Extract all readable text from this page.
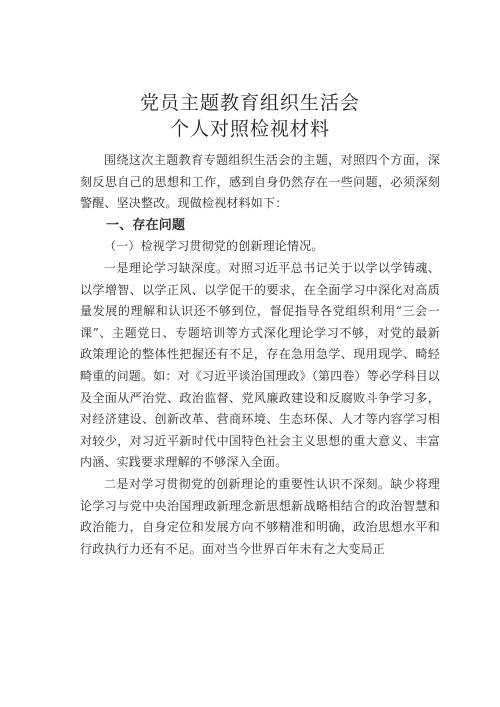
党员主题教育组织生活会
个人对照检视材料

围绕这次主题教育专题组织生活会的主题，对照四个方面，深刻反思自己的思想和工作，感到自身仍然存在一些问题，必须深刻警醒、坚决整改。现做检视材料如下：

一、存在问题

（一）检视学习贯彻党的创新理论情况。

一是理论学习缺深度。对照习近平总书记关于以学以学铸魂、以学增智、以学正风、以学促干的要求，在全面学习中深化对高质量发展的理解和认识还不够到位，督促指导各党组织利用“三会一课”、主题党日、专题培训等方式深化理论学习不够，对党的最新政策理论的整体性把握还有不足，存在急用急学、现用现学、畸轻畸重的问题。如：对《习近平谈治国理政》（第四卷）等必学科目以及全面从严治党、政治监督、党风廉政建设和反腐败斗争学习多，对经济建设、创新改革、营商环境、生态环保、人才等内容学习相对较少，对习近平新时代中国特色社会主义思想的重大意义、丰富内涵、实践要求理解的不够深入全面。

二是对学习贯彻党的创新理论的重要性认识不深刻。缺少将理论学习与党中央治国理政新理念新思想新战略相结合的政治智慧和政治能力，自身定位和发展方向不够精准和明确，政治思想水平和行政执行力还有不足。面对当今世界百年未有之大变局正
